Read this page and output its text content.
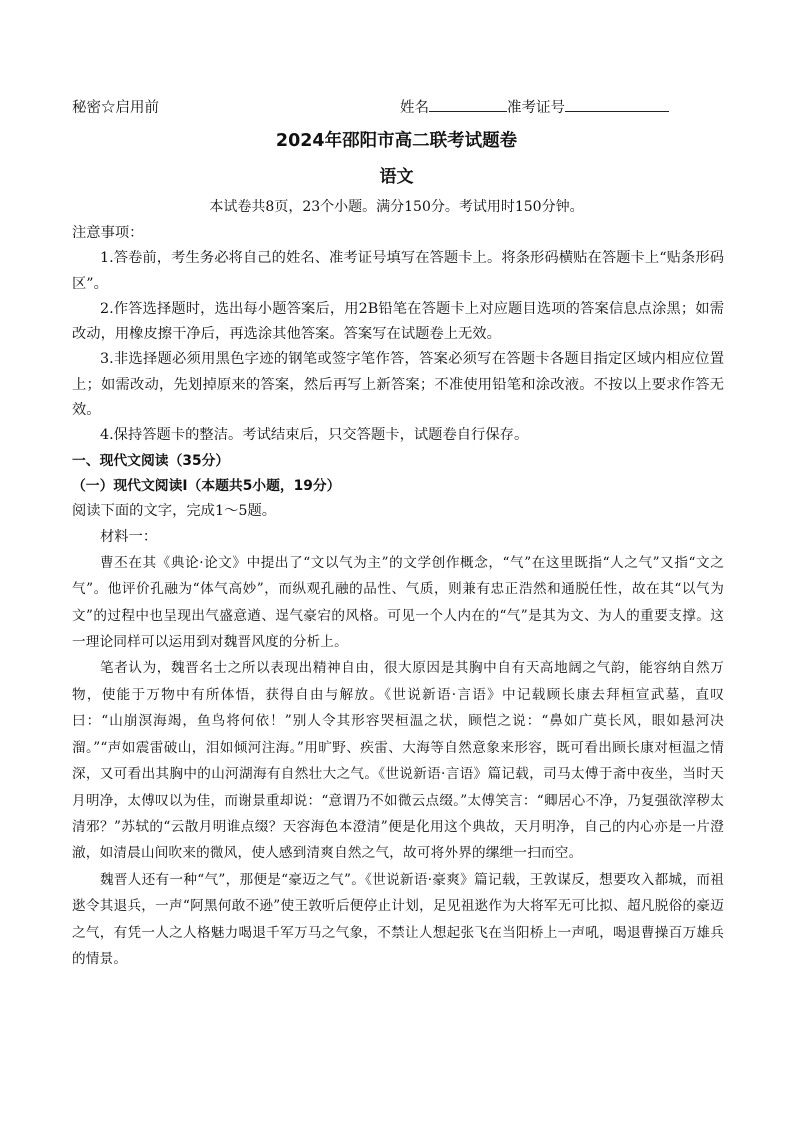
秘密☆启用前	姓名	准考证号
2024年邵阳市高二联考试题卷
语文
本试卷共8页，23个小题。满分150分。考试用时150分钟。

注意事项：

1.答卷前，考生务必将自己的姓名、准考证号填写在答题卡上。将条形码横贴在答题卡上“贴条形码区”。

2.作答选择题时，选出每小题答案后，用2B铅笔在答题卡上对应题目选项的答案信息点涂黑；如需改动，用橡皮擦干净后，再选涂其他答案。答案写在试题卷上无效。

3.非选择题必须用黑色字迹的钢笔或签字笔作答，答案必须写在答题卡各题目指定区域内相应位置上；如需改动，先划掉原来的答案，然后再写上新答案；不准使用铅笔和涂改液。不按以上要求作答无效。

4.保持答题卡的整洁。考试结束后，只交答题卡，试题卷自行保存。

一、现代文阅读（35分）

（一）现代文阅读Ⅰ（本题共5小题，19分）

阅读下面的文字，完成1～5题。

材料一：

曹丕在其《典论·论文》中提出了“文以气为主”的文学创作概念，“气”在这里既指“人之气”又指“文之气”。他评价孔融为“体气高妙”，而纵观孔融的品性、气质，则兼有忠正浩然和通脱任性，故在其“以气为文”的过程中也呈现出气盛意遒、逞气豪宕的风格。可见一个人内在的“气”是其为文、为人的重要支撑。这一理论同样可以运用到对魏晋风度的分析上。

笔者认为，魏晋名士之所以表现出精神自由，很大原因是其胸中自有天高地阔之气韵，能容纳自然万物，使能于万物中有所体悟，获得自由与解放。《世说新语·言语》中记载顾长康去拜桓宣武墓，直叹曰：“山崩溟海竭，鱼鸟将何依！”别人令其形容哭桓温之状，顾恺之说：“鼻如广莫长风，眼如悬河决溜。”“声如震雷破山，泪如倾河注海。”用旷野、疾雷、大海等自然意象来形容，既可看出顾长康对桓温之情深，又可看出其胸中的山河湖海有自然壮大之气。《世说新语·言语》篇记载，司马太傅于斋中夜坐，当时天月明净，太傅叹以为佳，而谢景重却说：“意谓乃不如微云点缀。”太傅笑言：“卿居心不净，乃复强欲滓秽太清邪？”苏轼的“云散月明谁点缀？天容海色本澄清”便是化用这个典故，天月明净，自己的内心亦是一片澄澈，如清晨山间吹来的微风，使人感到清爽自然之气，故可将外界的缧绁一扫而空。

魏晋人还有一种“气”，那便是“豪迈之气”。《世说新语·豪爽》篇记载，王敦谋反，想要攻入都城，而祖逖令其退兵，一声“阿黑何敢不逊”使王敦听后便停止计划，足见祖逖作为大将军无可比拟、超凡脱俗的豪迈之气，有凭一人之人格魅力喝退千军万马之气象，不禁让人想起张飞在当阳桥上一声吼，喝退曹操百万雄兵的情景。
